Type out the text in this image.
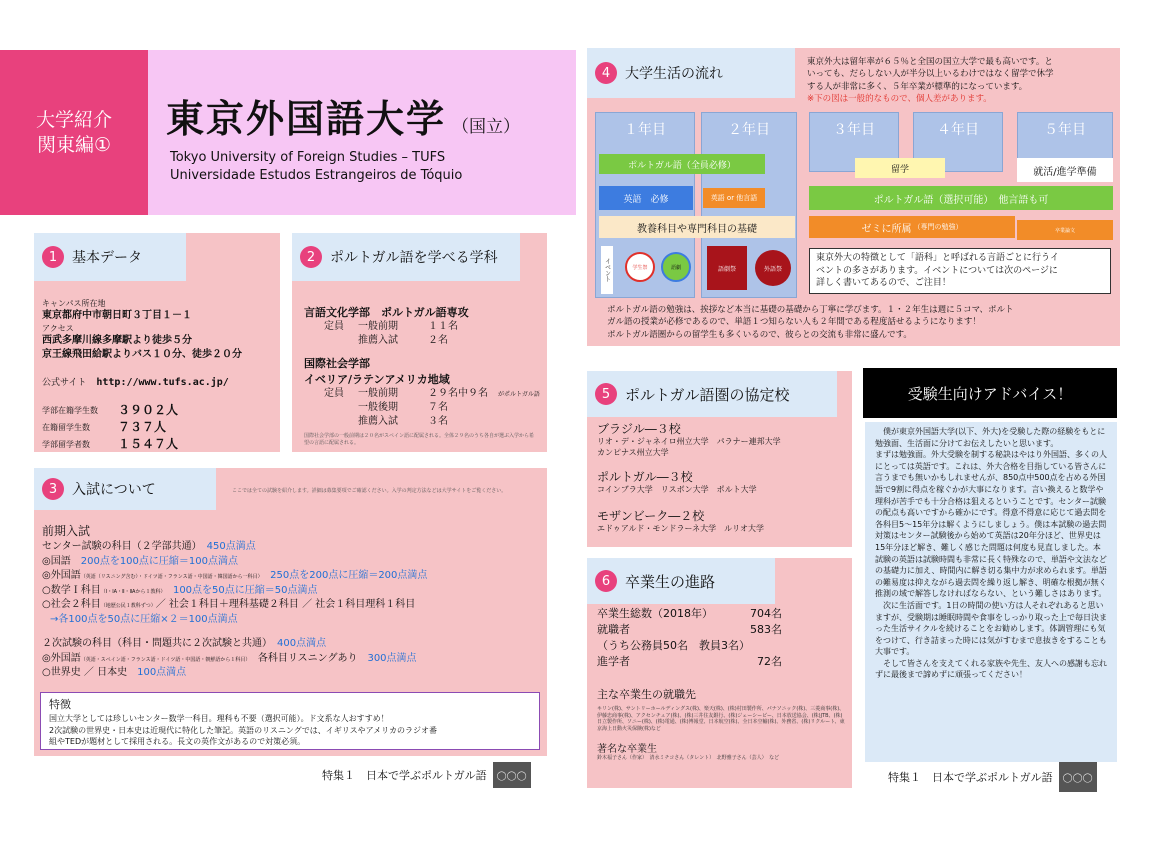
大学紹介
関東編①
東京外国語大学 （国立）
Tokyo University of Foreign Studies – TUFS
Universidade Estudos Estrangeiros de Tóquio
1	基本データ
キャンパス所在地
東京都府中市朝日町３丁目１－１
アクセス
西武多摩川線多摩駅より徒歩５分
京王線飛田給駅よりバス１０分、徒歩２０分
公式サイト http://www.tufs.ac.jp/
学部在籍学生数	３９０２人
在籍留学生数	７３７人
学部留学者数	１５４７人
2	ポルトガル語を学べる学科
言語文化学部　ポルトガル語専攻
定員	一般前期	１１名
推薦入試	２名
国際社会学部
イベリア/ラテンアメリカ地域
定員	一般前期	２９名中９名 がポルトガル語
一般後期	７名
推薦入試	３名
国際社会学部の一般前期は２０名がスペイン語に配属される。全体２９名のうち各自が選ぶ入学から希望の言語に配属される。
3	入試について	ここでは全ての試験を紹介します。詳細は募集要項でご確認ください。入学の判定方法などは大学サイトをご覧ください。
前期入試
センター試験の科目（２学部共通）　 450点満点
◎国語　 200点を100点に圧縮＝100点満点
◎外国語（英語（リスニング含む）・ドイツ語・フランス語・中国語・韓国語から一科目）　 250点を200点に圧縮＝200点満点
○数学Ｉ科目（Ⅰ・ⅠA・Ⅱ・ⅡAから１教科）　 100点を50点に圧縮＝50点満点
○社会２科目（地歴公民１教科ずつ）／ 社会１科目＋理科基礎２科目 ／ 社会１科目理科１科目
→各100点を50点に圧縮×２＝100点満点
２次試験の科目（科目・問題共に２次試験と共通）　 400点満点
◎外国語（英語・スペイン語・フランス語・ドイツ語・中国語・朝鮮語から１科目）　 各科目リスニングあり　 300点満点
○世界史 ／ 日本史　 100点満点
特徴
国立大学としては珍しいセンター数学一科目。理科も不要（選択可能）。ド文系な人おすすめ！
2次試験の世界史・日本史は近現代に特化した筆記。英語のリスニングでは、イギリスやアメリカのラジオ番
組やTEDが題材として採用される。長文の英作文があるので対策必須。
特集１　日本で学ぶポルトガル語	〇〇〇
4	大学生活の流れ
東京外大は留年率が６５％と全国の国立大学で最も高いです。と
いっても、だらしない人が半分以上いるわけではなく留学で休学
する人が非常に多く、５年卒業が標準的になっています。
※下の図は一般的なもので、個人差があります。
１年目	２年目	３年目	４年目	５年目
ポルトガル語（全員必修）	留学	就活/進学準備
英語　必修	英語 or 他言語	ポルトガル語（選択可能）　他言語も可
教養科目や専門科目の基礎	ゼミに所属 （専門の勉強）	卒業論文
イベント	学生祭	語劇	語劇祭	外語祭
東京外大の特徴として「語科」と呼ばれる言語ごとに行うイ
ベントの多さがあります。イベントについては次のページに
詳しく書いてあるので、ご注目！
ポルトガル語の勉強は、挨拶など本当に基礎の基礎から丁寧に学びます。１・２年生は週に５コマ、ポルト
ガル語の授業が必修であるので、単語１つ知らない人も２年間である程度話せるようになります！
ポルトガル語圏からの留学生も多くいるので、彼らとの交流も非常に盛んです。
5 ポルトガル語圏の協定校
ブラジル―３校
リオ・デ・ジャネイロ州立大学　パラナー連邦大学
カンピナス州立大学
ポルトガル―３校
コインブラ大学　リスボン大学　ポルト大学
モザンビーク―２校
エドゥアルド・モンドラーネ大学　ルリオ大学
6 卒業生の進路
卒業生総数（2018年）	704名
就職者	583名
（うち公務員50名　教員3名）
進学者	72名
主な卒業生の就職先
キリン(株)、サントリーホールディングス(株)、楽天(株)、(株)村田製作所、パナソニック(株)、三菱商事(株)、伊藤忠商事(株)、アクセンチュア(株)、(株)三井住友銀行、(株)ジェーシービー、日本放送協会、(株)JTB、(株)日立製作所、ソニー(株)、(株)電通、(株)博報堂、日本航空(株)、全日本空輸(株)、外務省、(株)リクルート、東京海上日動火災保険(株)など
著名な卒業生
鈴木福子さん（作家）　清水ミチコさん（タレント）　北野雅子さん（芸人）　など
受験生向けアドバイス！

　僕が東京外国語大学(以下、外大)を受験した際の経験をもとに勉強面、生活面に分けてお伝えしたいと思います。

まずは勉強面。外大受験を制する秘訣はやはり外国語、多くの人にとっては英語です。これは、外大合格を目指している皆さんに言うまでも無いかもしれませんが、850点中500点を占める外国語で9割に得点を稼ぐかが大事になります。言い換えると数学や理科が苦手でも十分合格は狙えるということです。センター試験の配点も高いですから確かにです。得意不得意に応じて過去問を各科目5〜15年分は解くようにしましょう。僕は本試験の過去問対策はセンター試験後から始めて英語は20年分ほど、世界史は15年分ほど解き、難しく感じた問題は何度も見直しました。本試験の英語は試験時間も非常に長く特殊なので、単語や文法などの基礎力に加え、時間内に解き切る集中力が求められます。単語の難易度は抑えながら過去問を繰り返し解き、明確な根拠が無く推測の域で解答しなければならない、という難しさはあります。

　次に生活面です。1日の時間の使い方は人それぞれあると思いますが、受験期は睡眠時間や食事をしっかり取った上で毎日決まった生活サイクルを続けることをお勧めします。体調管理にも気をつけて、行き詰まった時には気がすむまで息抜きをすることも大事です。

　そして皆さんを支えてくれる家族や先生、友人への感謝も忘れずに最後まで諦めずに頑張ってください！

特集１　日本で学ぶポルトガル語	〇〇〇
